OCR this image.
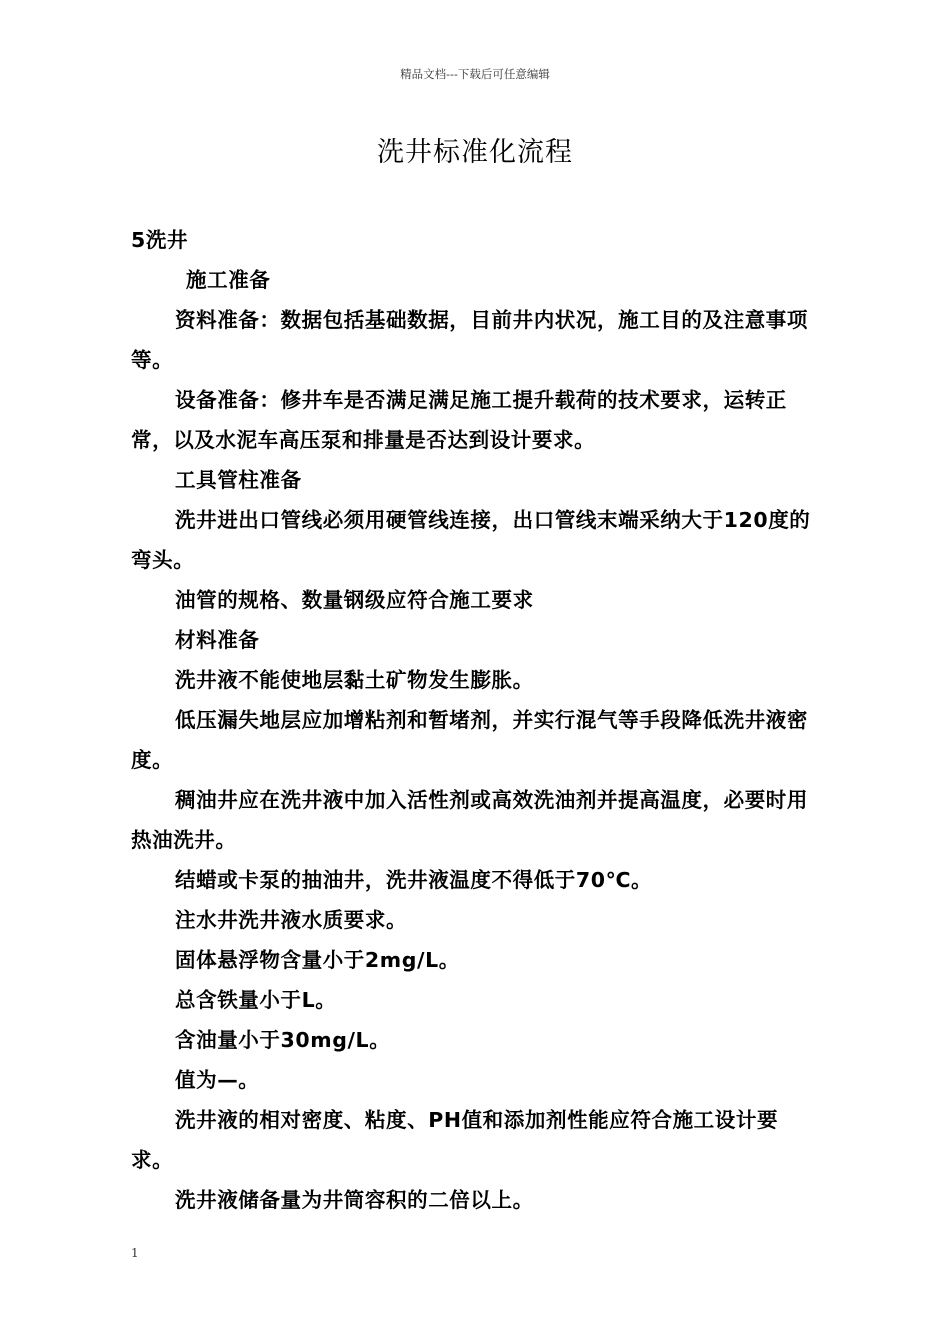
精品文档---下载后可任意编辑
洗井标准化流程

5洗井

施工准备

资料准备：数据包括基础数据，目前井内状况，施工目的及注意事项等。

设备准备：修井车是否满足满足施工提升载荷的技术要求，运转正常，以及水泥车高压泵和排量是否达到设计要求。

工具管柱准备

洗井进出口管线必须用硬管线连接，出口管线末端采纳大于120度的弯头。

油管的规格、数量钢级应符合施工要求

材料准备

洗井液不能使地层黏土矿物发生膨胀。

低压漏失地层应加增粘剂和暂堵剂，并实行混气等手段降低洗井液密度。

稠油井应在洗井液中加入活性剂或高效洗油剂并提高温度，必要时用热油洗井。

结蜡或卡泵的抽油井，洗井液温度不得低于70℃。

注水井洗井液水质要求。

固体悬浮物含量小于2mg/L。

总含铁量小于L。

含油量小于30mg/L。

值为—。

洗井液的相对密度、粘度、PH值和添加剂性能应符合施工设计要求。

洗井液储备量为井筒容积的二倍以上。

1
